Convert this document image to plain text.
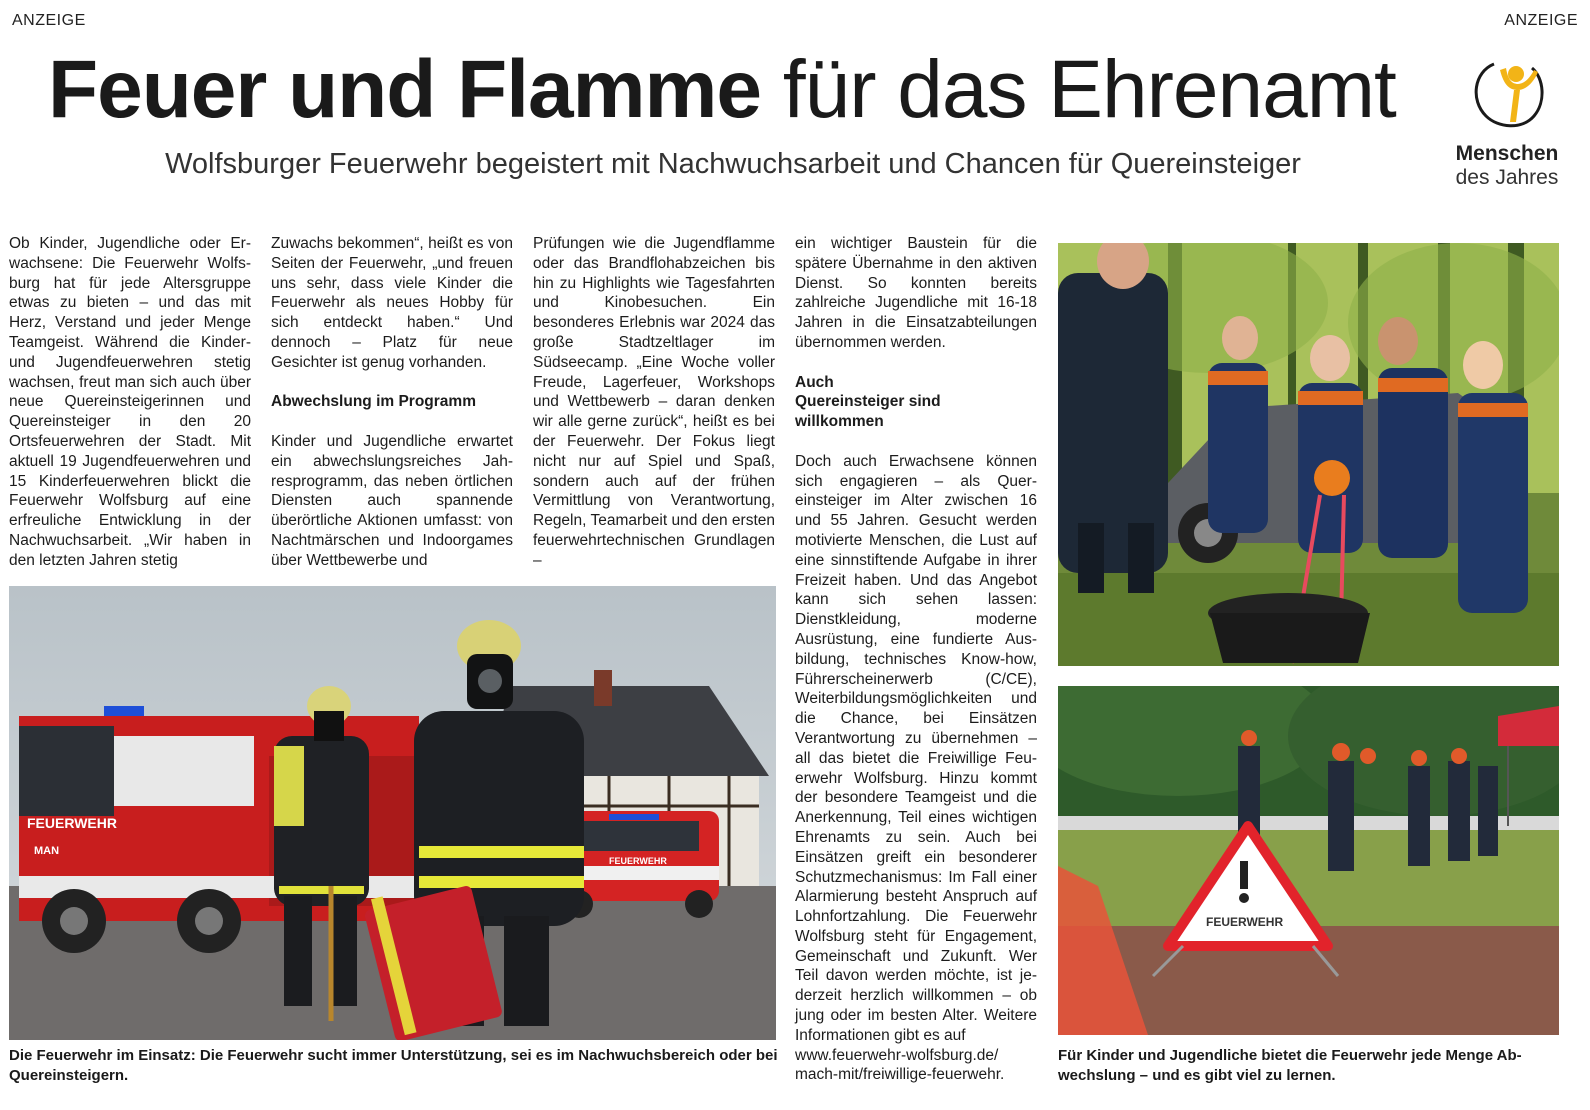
ANZEIGE	ANZEIGE
Feuer und Flamme für das Ehrenamt
Wolfsburger Feuerwehr begeistert mit Nachwuchsarbeit und Chancen für Quereinsteiger	Menschen
des Jahres

Ob Kinder, Jugendliche oder Erwachsene: Die Feuerwehr Wolfsburg hat für jede Altersgruppe etwas zu bieten – und das mit Herz, Verstand und jeder Menge Teamgeist. Während die Kinder- und Jugendfeuerwehren stetig wachsen, freut man sich auch über neue Quereinsteigerinnen und Quereinsteiger in den 20 Ortsfeuerwehren der Stadt. Mit aktuell 19 Jugendfeuerwehren und 15 Kinderfeuerwehren blickt die Feuerwehr Wolfsburg auf eine erfreuliche Entwicklung in der Nachwuchsarbeit. „Wir haben in den letzten Jahren stetig

Zuwachs bekommen“, heißt es von Seiten der Feuerwehr, „und freuen uns sehr, dass viele Kinder die Feuerwehr als neues Hobby für sich entdeckt haben.“ Und dennoch – Platz für neue Gesichter ist genug vorhanden.

Abwechslung im Programm

Kinder und Jugendliche erwartet ein abwechslungsreiches Jahresprogramm, das neben örtlichen Diensten auch spannende überörtliche Aktionen umfasst: von Nachtmärschen und Indoorgames über Wettbewerbe und

Prüfungen wie die Jugendflamme oder das Brandflohabzeichen bis hin zu Highlights wie Tagesfahrten und Kinobesuchen. Ein besonderes Erlebnis war 2024 das große Stadtzeltlager im Südseecamp. „Eine Woche voller Freude, Lagerfeuer, Workshops und Wettbewerb – daran denken wir alle gerne zurück“, heißt es bei der Feuerwehr. Der Fokus liegt nicht nur auf Spiel und Spaß, sondern auch auf der frühen Vermittlung von Verantwortung, Regeln, Teamarbeit und den ersten feuerwehrtechnischen Grundlagen –

ein wichtiger Baustein für die spätere Übernahme in den aktiven Dienst. So konnten bereits zahlreiche Jugendliche mit 16-18 Jahren in die Einsatzabteilungen übernommen werden.

Auch Quereinsteiger sind willkommen

Doch auch Erwachsene können sich engagieren – als Quereinsteiger im Alter zwischen 16 und 55 Jahren. Gesucht werden motivierte Menschen, die Lust auf eine sinnstiftende Aufgabe in ihrer Freizeit haben. Und das Angebot kann sich sehen lassen: Dienstkleidung, moderne Ausrüstung, eine fundierte Ausbildung, technisches Know-how, Führerscheinerwerb (C/CE), Weiterbildungsmöglichkeiten und die Chance, bei Einsätzen Verantwortung zu übernehmen – all das bietet die Freiwillige Feuerwehr Wolfsburg. Hinzu kommt der besondere Teamgeist und die Anerkennung, Teil eines wichtigen Ehrenamts zu sein. Auch bei Einsätzen greift ein besonderer Schutzmechanismus: Im Fall einer Alarmierung besteht Anspruch auf Lohnfortzahlung. Die Feuerwehr Wolfsburg steht für Engagement, Gemeinschaft und Zukunft. Wer Teil davon werden möchte, ist jederzeit herzlich willkommen – ob jung oder im besten Alter. Weitere Informationen gibt es auf

www.feuerwehr-wolfsburg.de/

mach-mit/freiwillige-feuerwehr.

FEUERWEHR
MAN
FEUERWEHR
FEUERWEHR
Die Feuerwehr im Einsatz: Die Feuerwehr sucht immer Unterstützung, sei es im Nachwuchsbereich oder bei Quereinsteigern.
Für Kinder und Jugendliche bietet die Feuerwehr jede Menge Abwechslung – und es gibt viel zu lernen.
